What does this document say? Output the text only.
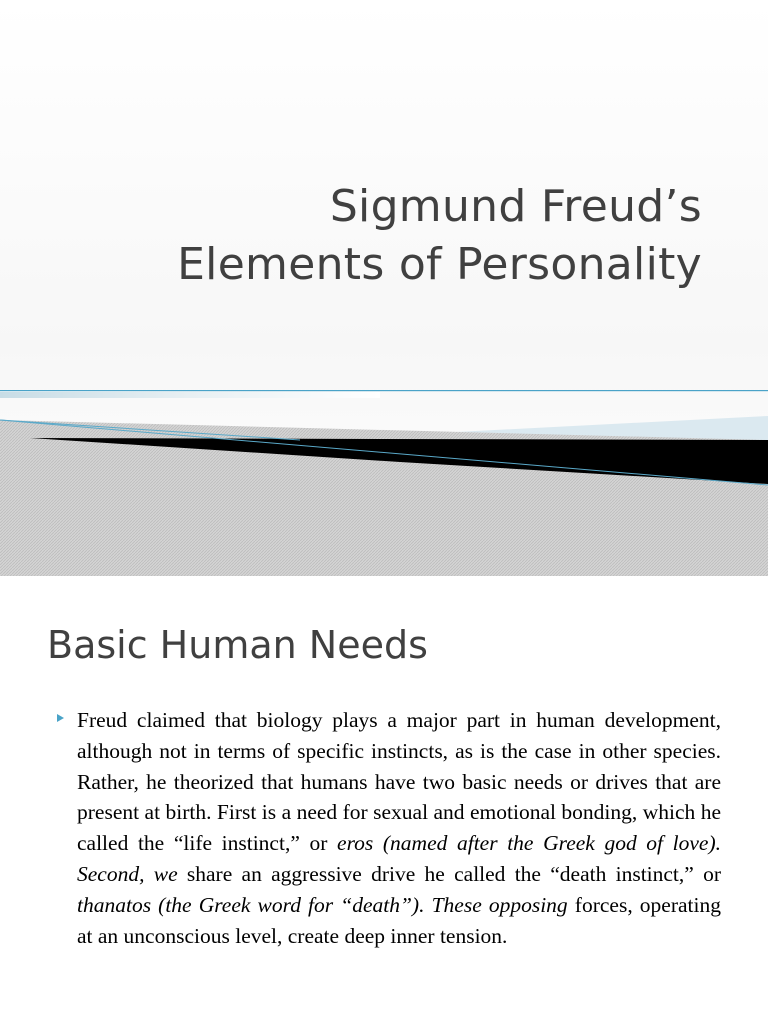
Sigmund Freud’s
Elements of Personality
Basic Human Needs
Freud claimed that biology plays a major part in human development, although not in terms of specific instincts, as is the case in other species. Rather, he theorized that humans have two basic needs or drives that are present at birth. First is a need for sexual and emotional bonding, which he called the “life instinct,” or eros (named after the Greek god of love). Second, we share an aggressive drive he called the “death instinct,” or thanatos (the Greek word for “death”). These opposing forces, operating at an unconscious level, create deep inner tension.
